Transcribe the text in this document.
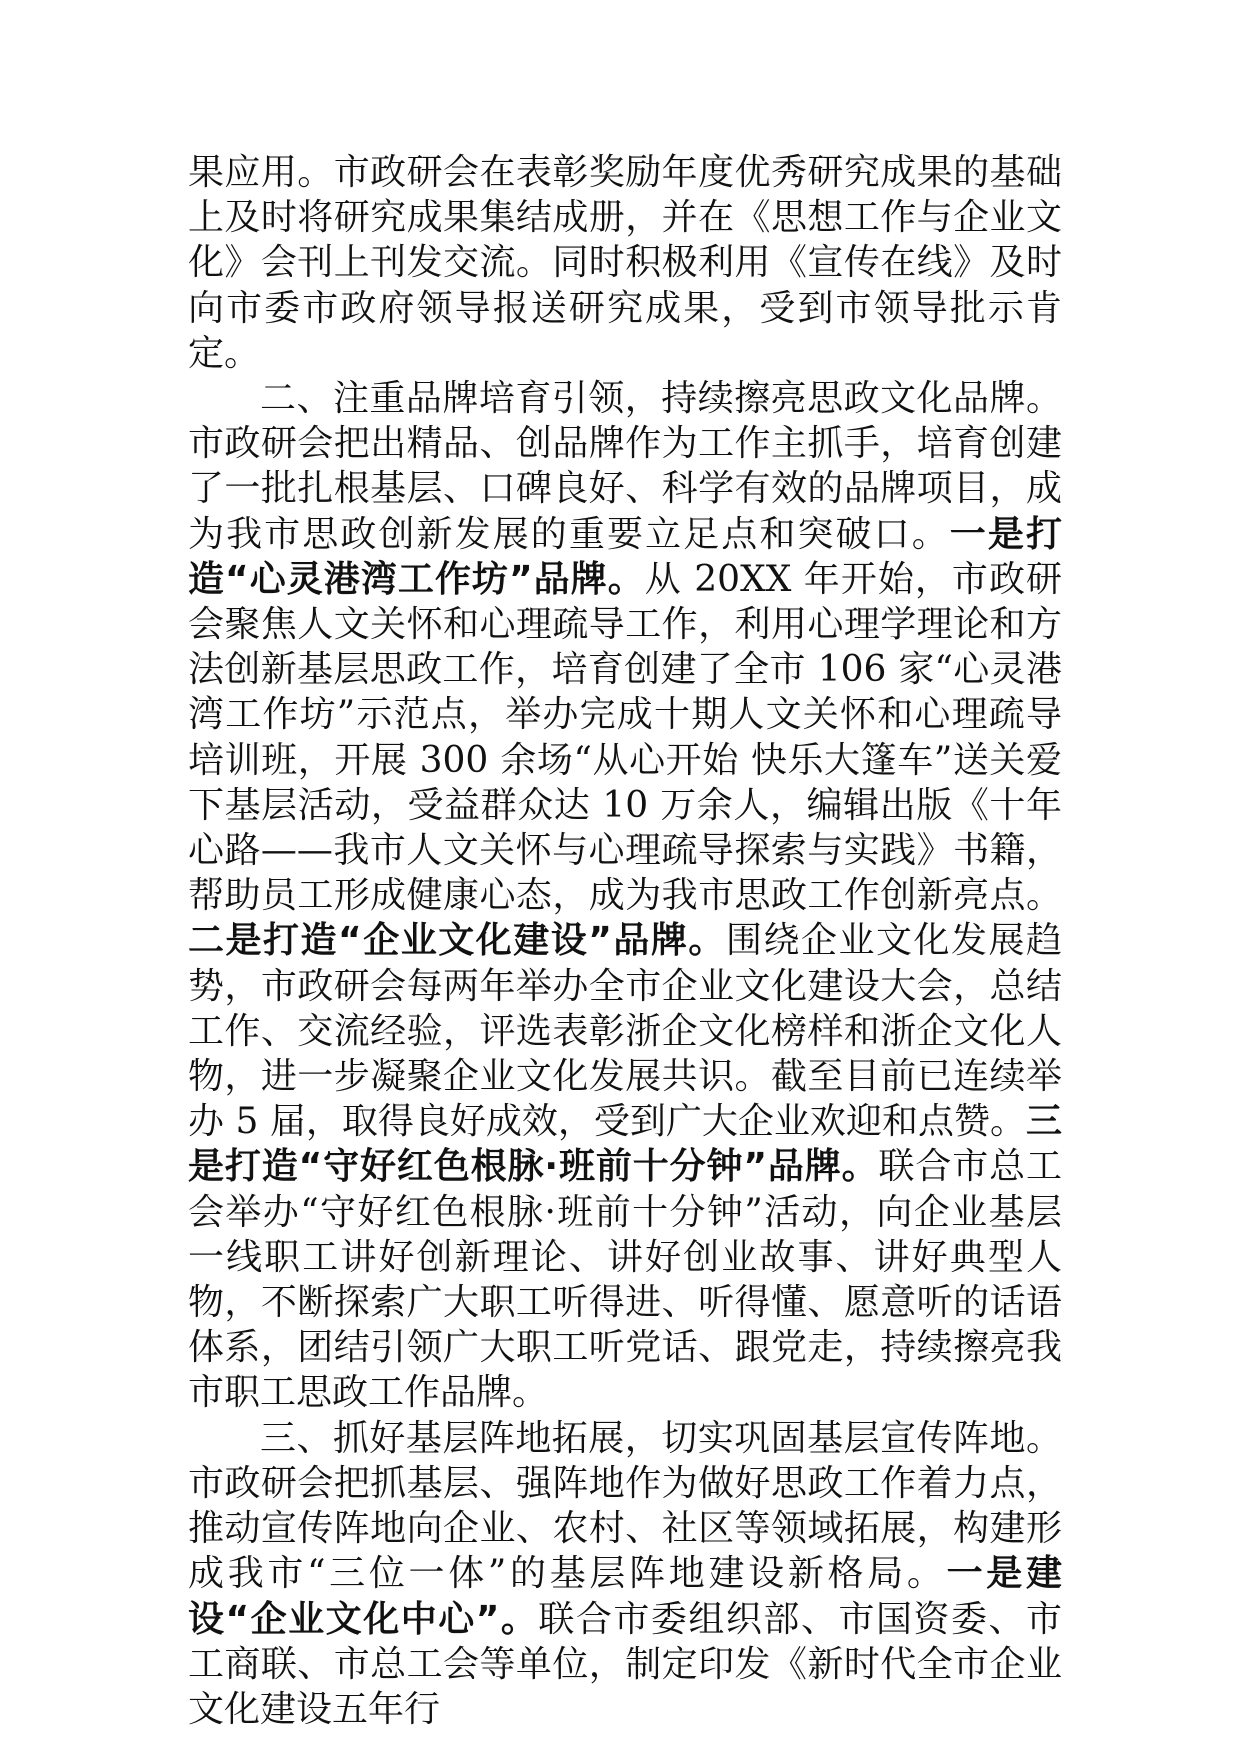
果应用。市政研会在表彰奖励年度优秀研究成果的基础上及时将研究成果集结成册，并在《思想工作与企业文化》会刊上刊发交流。同时积极利用《宣传在线》及时向市委市政府领导报送研究成果，受到市领导批示肯定。

二、注重品牌培育引领，持续擦亮思政文化品牌。市政研会把出精品、创品牌作为工作主抓手，培育创建了一批扎根基层、口碑良好、科学有效的品牌项目，成为我市思政创新发展的重要立足点和突破口。一是打造“心灵港湾工作坊”品牌。从 20XX 年开始，市政研会聚焦人文关怀和心理疏导工作，利用心理学理论和方法创新基层思政工作，培育创建了全市 106 家“心灵港湾工作坊”示范点，举办完成十期人文关怀和心理疏导培训班，开展 300 余场“从心开始 快乐大篷车”送关爱下基层活动，受益群众达 10 万余人，编辑出版《十年心路——我市人文关怀与心理疏导探索与实践》书籍，帮助员工形成健康心态，成为我市思政工作创新亮点。二是打造“企业文化建设”品牌。围绕企业文化发展趋势，市政研会每两年举办全市企业文化建设大会，总结工作、交流经验，评选表彰浙企文化榜样和浙企文化人物，进一步凝聚企业文化发展共识。截至目前已连续举办 5 届，取得良好成效，受到广大企业欢迎和点赞。三是打造“守好红色根脉·班前十分钟”品牌。联合市总工会举办“守好红色根脉·班前十分钟”活动，向企业基层一线职工讲好创新理论、讲好创业故事、讲好典型人物，不断探索广大职工听得进、听得懂、愿意听的话语体系，团结引领广大职工听党话、跟党走，持续擦亮我市职工思政工作品牌。

三、抓好基层阵地拓展，切实巩固基层宣传阵地。市政研会把抓基层、强阵地作为做好思政工作着力点，推动宣传阵地向企业、农村、社区等领域拓展，构建形成我市“三位一体”的基层阵地建设新格局。一是建设“企业文化中心”。联合市委组织部、市国资委、市工商联、市总工会等单位，制定印发《新时代全市企业文化建设五年行
